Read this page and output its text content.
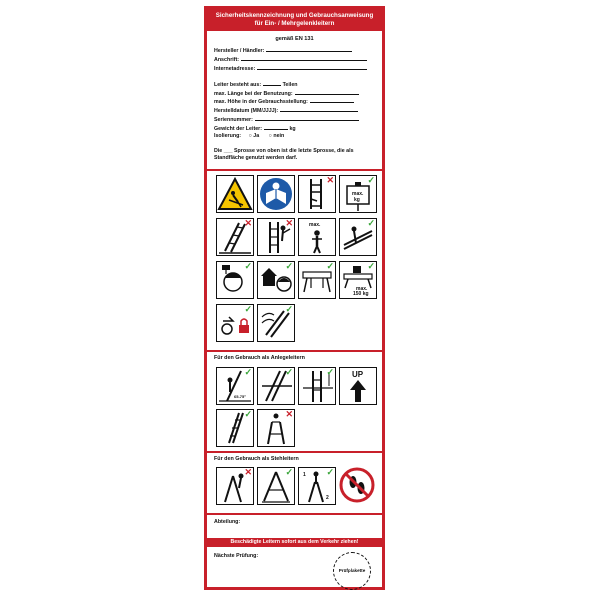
Sicherheitskennzeichnung und Gebrauchsanweisung
für Ein- / Mehrgelenkleitern
gemäß EN 131
Hersteller / Händler:
Anschrift:
Internetadresse:
Leiter besteht aus:	Teilen
max. Länge bei der Benutzung:
max. Höhe in der Gebrauchsstellung:
Herstelldatum (MM/JJJJ):
Seriennummer:
Gewicht der Leiter:	kg
Isolierung: ○ Ja ○ nein
Die ___ Sprosse von oben ist die letzte Sprosse, die als Standfläche genutzt werden darf.
✕
max.
kg
✓
✕	✕	max.	✓
✓	✓	✓
max.
150 kg
✓
✓	✓
Für den Gebrauch als Anlegeleitern
65-75°
✓	✓	✓ UP
✓	✕
Für den Gebrauch als Stehleitern
✕	✓ 1
2
✓
Abteilung:
Beschädigte Leitern sofort aus dem Verkehr ziehen!
Nächste Prüfung:
Prüfplakette
